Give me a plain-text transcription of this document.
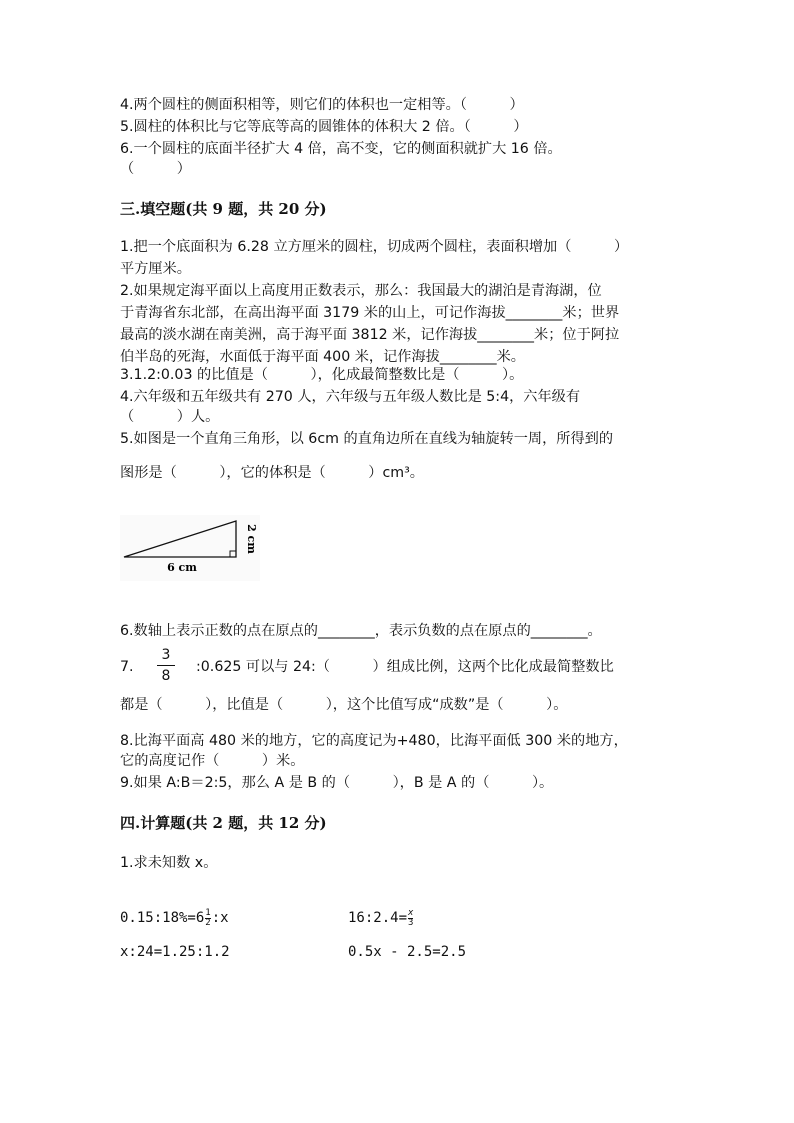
4.两个圆柱的侧面积相等，则它们的体积也一定相等。（　　　）
5.圆柱的体积比与它等底等高的圆锥体的体积大 2 倍。（　　　）
6.一个圆柱的底面半径扩大 4 倍，高不变，它的侧面积就扩大 16 倍。
（　　　）
三.填空题(共 9 题，共 20 分)
1.把一个底面积为 6.28 立方厘米的圆柱，切成两个圆柱，表面积增加（　　　）
平方厘米。
2.如果规定海平面以上高度用正数表示，那么：我国最大的湖泊是青海湖，位
于青海省东北部，在高出海平面 3179 米的山上，可记作海拔________米；世界
最高的淡水湖在南美洲，高于海平面 3812 米，记作海拔________米；位于阿拉
伯半岛的死海，水面低于海平面 400 米，记作海拔________米。
3.1.2:0.03 的比值是（　　　），化成最简整数比是（　　　）。
4.六年级和五年级共有 270 人，六年级与五年级人数比是 5:4，六年级有
（　　　）人。
5.如图是一个直角三角形，以 6cm 的直角边所在直线为轴旋转一周，所得到的
图形是（　　　），它的体积是（　　　）cm³。
2 cm
6 cm
6.数轴上表示正数的点在原点的________，表示负数的点在原点的________。
7.
3
8
:0.625 可以与 24:（　　　）组成比例，这两个比化成最简整数比
都是（　　　），比值是（　　　），这个比值写成“成数”是（　　　）。
8.比海平面高 480 米的地方，它的高度记为+480，比海平面低 300 米的地方，
它的高度记作（　　　）米。
9.如果 A:B＝2:5，那么 A 是 B 的（　　　），B 是 A 的（　　　）。
四.计算题(共 2 题，共 12 分)
1.求未知数 x。
0.15:18%=6 $\frac{1}{2}$ :x	16:2.4= $\frac{x}{3}$
x:24=1.25:1.2	0.5x - 2.5=2.5
